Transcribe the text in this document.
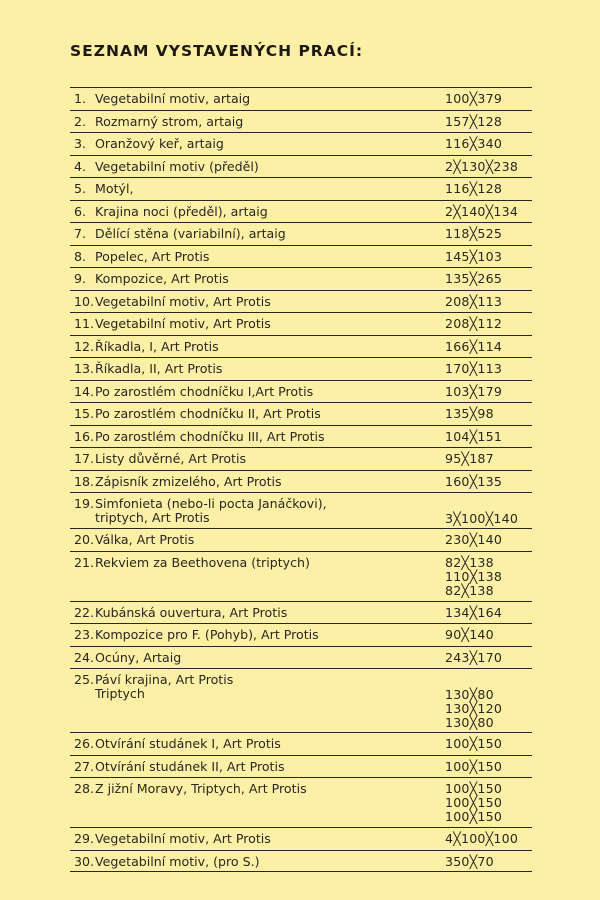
SEZNAM VYSTAVENÝCH PRACÍ:
1. Vegetabilní motiv, artaig	100╳379
2. Rozmarný strom, artaig	157╳128
3. Oranžový keř, artaig	116╳340
4. Vegetabilní motiv (předěl)	2╳130╳238
5. Motýl,	116╳128
6. Krajina noci (předěl), artaig	2╳140╳134
7. Dělící stěna (variabilní), artaig	118╳525
8. Popelec, Art Protis	145╳103
9. Kompozice, Art Protis	135╳265
10. Vegetabilní motiv, Art Protis	208╳113
11. Vegetabilní motiv, Art Protis	208╳112
12. Říkadla, I, Art Protis	166╳114
13. Říkadla, II, Art Protis	170╳113
14. Po zarostlém chodníčku I,Art Protis	103╳179
15. Po zarostlém chodníčku II, Art Protis	135╳98
16. Po zarostlém chodníčku III, Art Protis	104╳151
17. Listy důvěrné, Art Protis	95╳187
18. Zápisník zmizelého, Art Protis	160╳135
19. Simfonieta (nebo-li pocta Janáčkovi),
triptych, Art Protis	3╳100╳140
20. Válka, Art Protis	230╳140
21. Rekviem za Beethovena (triptych)	82╳138
110╳138
82╳138
22. Kubánská ouvertura, Art Protis	134╳164
23. Kompozice pro F. (Pohyb), Art Protis	90╳140
24. Ocúny, Artaig	243╳170
25. Páví krajina, Art Protis
Triptych	130╳80
130╳120
130╳80
26. Otvírání studánek I, Art Protis	100╳150
27. Otvírání studánek II, Art Protis	100╳150
28. Z jižní Moravy, Triptych, Art Protis	100╳150
100╳150
100╳150
29. Vegetabilní motiv, Art Protis	4╳100╳100
30. Vegetabilní motiv, (pro S.)	350╳70
